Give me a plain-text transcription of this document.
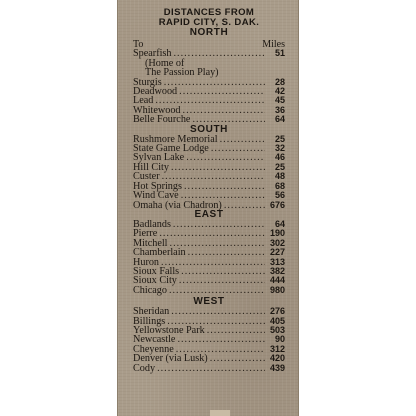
DISTANCES FROM
RAPID CITY, S. DAK.
NORTH
To	Miles
Spearfish .....	51
(Home of
The Passion Play)
Sturgis .....	28
Deadwood .....	42
Lead .....	45
Whitewood .....	36
Belle Fourche .....	64
SOUTH
Rushmore Memorial .....	25
State Game Lodge .....	32
Sylvan Lake .....	46
Hill City .....	25
Custer .....	48
Hot Springs .....	68
Wind Cave .....	56
Omaha (via Chadron) .....	676
EAST
Badlands .....	64
Pierre .....	190
Mitchell .....	302
Chamberlain .....	227
Huron .....	313
Sioux Falls .....	382
Sioux City .....	444
Chicago .....	980
WEST
Sheridan .....	276
Billings .....	405
Yellowstone Park .....	503
Newcastle .....	90
Cheyenne .....	312
Denver (via Lusk) .....	420
Cody .....	439
